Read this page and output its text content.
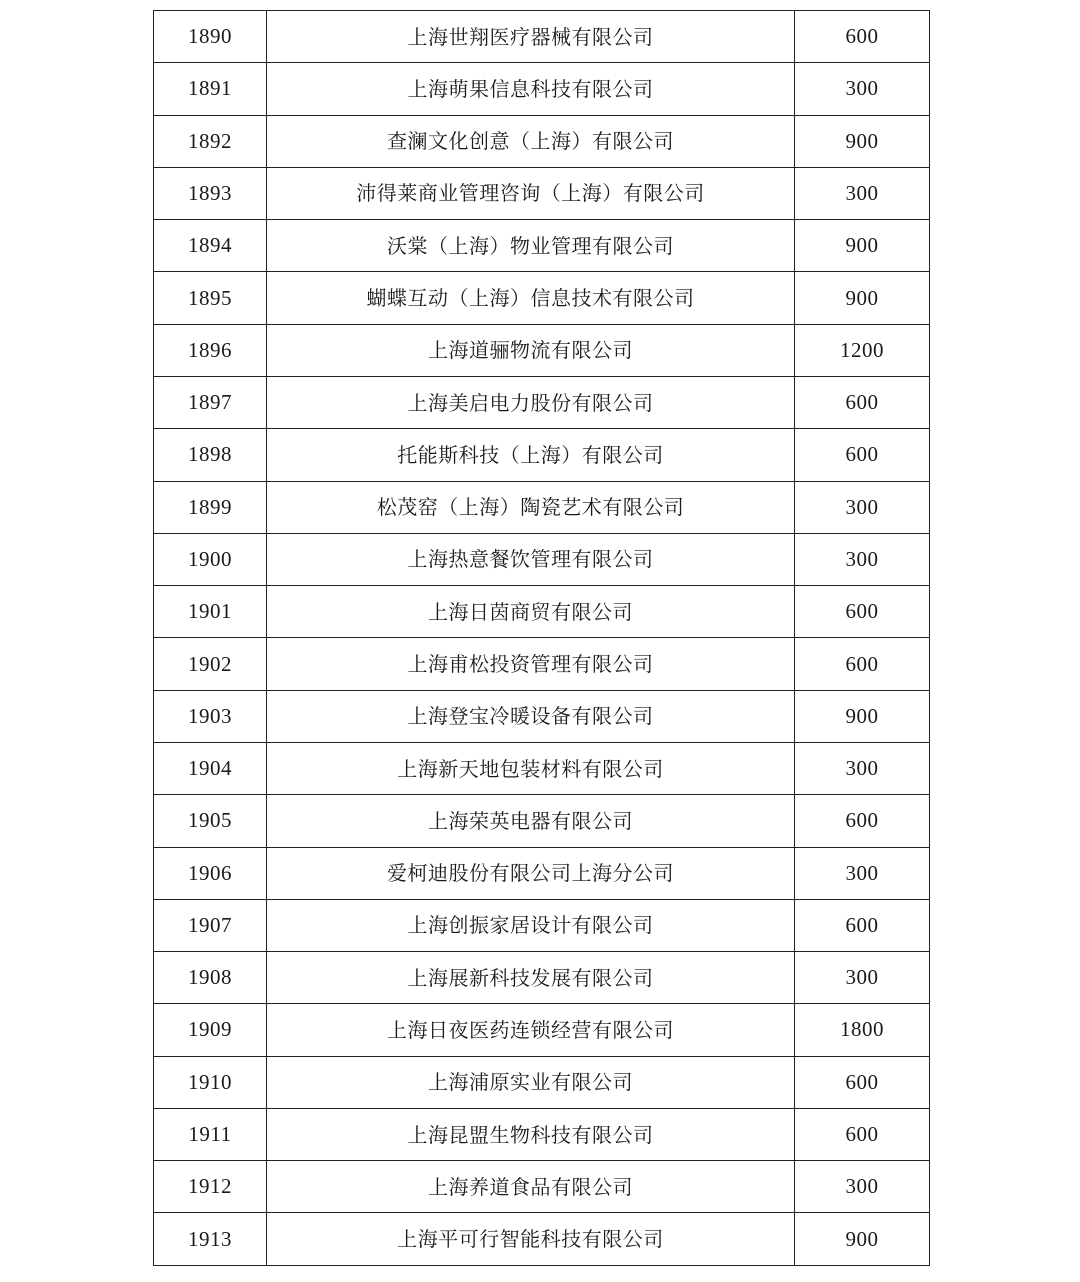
1890	上海世翔医疗器械有限公司	600
1891	上海萌果信息科技有限公司	300
1892	查澜文化创意（上海）有限公司	900
1893	沛得莱商业管理咨询（上海）有限公司	300
1894	沃棠（上海）物业管理有限公司	900
1895	蝴蝶互动（上海）信息技术有限公司	900
1896	上海道骊物流有限公司	1200
1897	上海美启电力股份有限公司	600
1898	托能斯科技（上海）有限公司	600
1899	松茂窑（上海）陶瓷艺术有限公司	300
1900	上海热意餐饮管理有限公司	300
1901	上海日茵商贸有限公司	600
1902	上海甫松投资管理有限公司	600
1903	上海登宝冷暖设备有限公司	900
1904	上海新天地包装材料有限公司	300
1905	上海荣英电器有限公司	600
1906	爱柯迪股份有限公司上海分公司	300
1907	上海创振家居设计有限公司	600
1908	上海展新科技发展有限公司	300
1909	上海日夜医药连锁经营有限公司	1800
1910	上海浦原实业有限公司	600
1911	上海昆盟生物科技有限公司	600
1912	上海养道食品有限公司	300
1913	上海平可行智能科技有限公司	900
